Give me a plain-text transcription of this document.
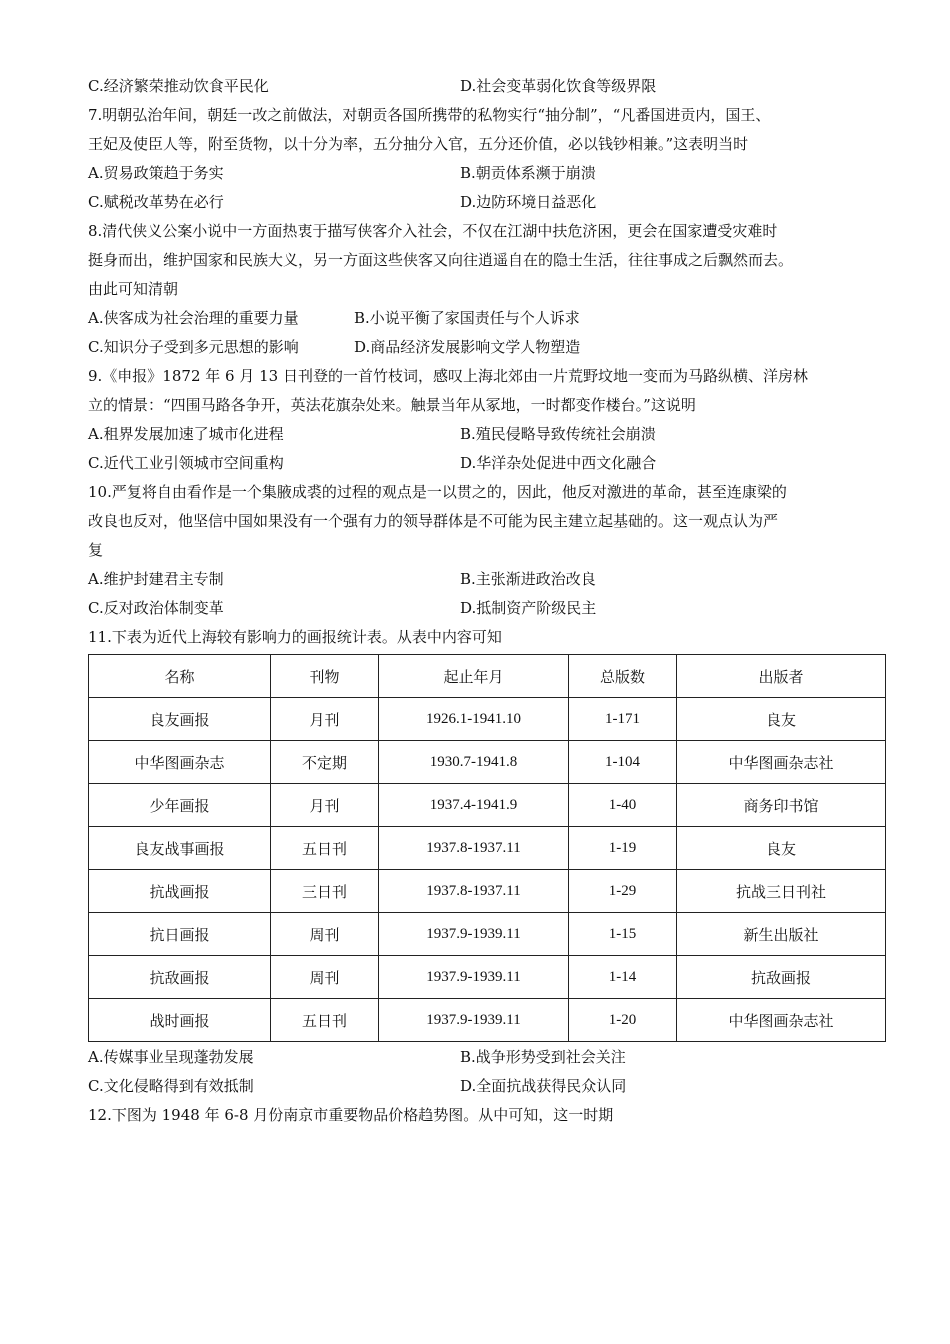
C.经济繁荣推动饮食平民化	D.社会变革弱化饮食等级界限
7.明朝弘治年间，朝廷一改之前做法，对朝贡各国所携带的私物实行“抽分制”，“凡番国进贡内，国王、
王妃及使臣人等，附至货物，以十分为率，五分抽分入官，五分还价值，必以钱钞相兼。”这表明当时
A.贸易政策趋于务实	B.朝贡体系濒于崩溃
C.赋税改革势在必行	D.边防环境日益恶化
8.清代侠义公案小说中一方面热衷于描写侠客介入社会，不仅在江湖中扶危济困，更会在国家遭受灾难时
挺身而出，维护国家和民族大义，另一方面这些侠客又向往逍遥自在的隐士生活，往往事成之后飘然而去。
由此可知清朝
A.侠客成为社会治理的重要力量	B.小说平衡了家国责任与个人诉求
C.知识分子受到多元思想的影响	D.商品经济发展影响文学人物塑造
9.《申报》1872 年 6 月 13 日刊登的一首竹枝词，感叹上海北郊由一片荒野坟地一变而为马路纵横、洋房林
立的情景：“四围马路各争开，英法花旗杂处来。触景当年从冢地，一时都变作楼台。”这说明
A.租界发展加速了城市化进程	B.殖民侵略导致传统社会崩溃
C.近代工业引领城市空间重构	D.华洋杂处促进中西文化融合
10.严复将自由看作是一个集腋成裘的过程的观点是一以贯之的，因此，他反对激进的革命，甚至连康梁的
改良也反对，他坚信中国如果没有一个强有力的领导群体是不可能为民主建立起基础的。这一观点认为严
复
A.维护封建君主专制	B.主张渐进政治改良
C.反对政治体制变革	D.抵制资产阶级民主
11.下表为近代上海较有影响力的画报统计表。从表中内容可知
名称	刊物	起止年月	总版数	出版者
良友画报	月刊	1926.1-1941.10	1-171	良友
中华图画杂志	不定期	1930.7-1941.8	1-104	中华图画杂志社
少年画报	月刊	1937.4-1941.9	1-40	商务印书馆
良友战事画报	五日刊	1937.8-1937.11	1-19	良友
抗战画报	三日刊	1937.8-1937.11	1-29	抗战三日刊社
抗日画报	周刊	1937.9-1939.11	1-15	新生出版社
抗敌画报	周刊	1937.9-1939.11	1-14	抗敌画报
战时画报	五日刊	1937.9-1939.11	1-20	中华图画杂志社
A.传媒事业呈现蓬勃发展	B.战争形势受到社会关注
C.文化侵略得到有效抵制	D.全面抗战获得民众认同
12.下图为 1948 年 6-8 月份南京市重要物品价格趋势图。从中可知，这一时期
